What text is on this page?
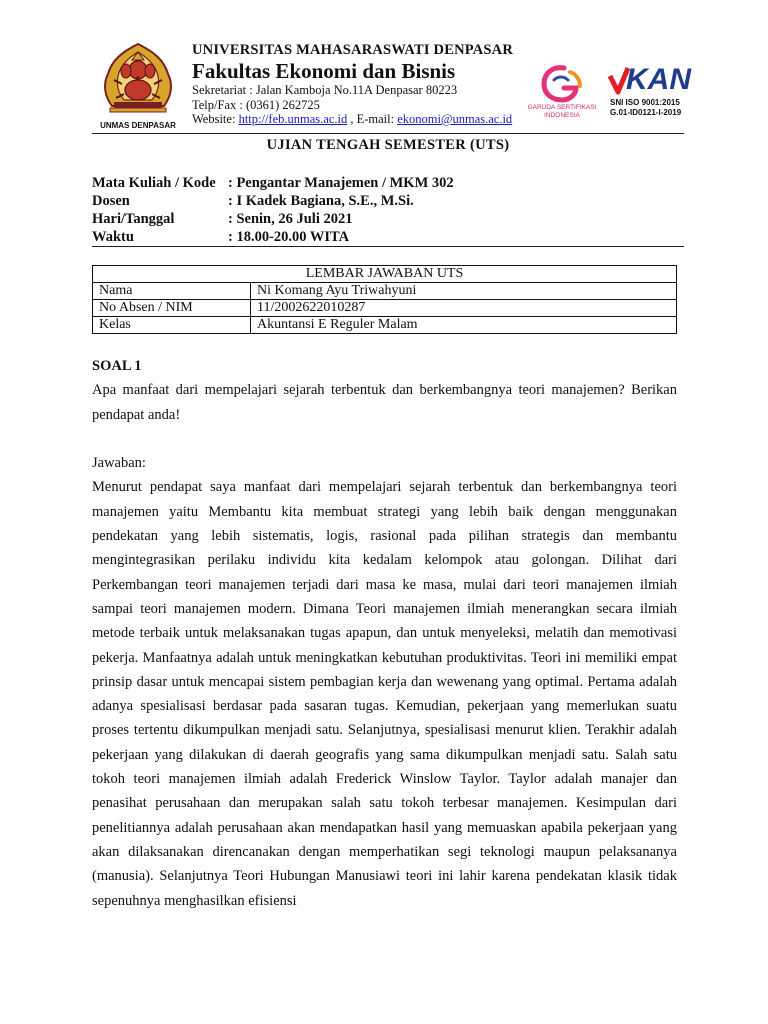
UNMAS DENPASAR
UNIVERSITAS MAHASARASWATI DENPASAR
Fakultas Ekonomi dan Bisnis
Sekretariat : Jalan Kamboja No.11A Denpasar 80223
Telp/Fax : (0361) 262725
Website: http://feb.unmas.ac.id , E-mail: ekonomi@unmas.ac.id
GARUDA SERTIFIKASI
INDONESIA
KAN
SNI ISO 9001:2015
G.01-ID0121-I-2019
UJIAN TENGAH SEMESTER (UTS)
Mata Kuliah / Kode : Pengantar Manajemen / MKM 302
Dosen	: I Kadek Bagiana, S.E., M.Si.
Hari/Tanggal	: Senin, 26 Juli 2021
Waktu	: 18.00-20.00 WITA
LEMBAR JAWABAN UTS	
Nama	Ni Komang Ayu Triwahyuni
No Absen / NIM	11/2002622010287
Kelas	Akuntansi E Reguler Malam

SOAL 1

Apa manfaat dari mempelajari sejarah terbentuk dan berkembangnya teori manajemen? Berikan pendapat anda!

Jawaban:

Menurut pendapat saya manfaat dari mempelajari sejarah terbentuk dan berkembangnya teori manajemen yaitu Membantu kita membuat strategi yang lebih baik dengan menggunakan pendekatan yang lebih sistematis, logis, rasional pada pilihan strategis dan membantu mengintegrasikan perilaku individu kita kedalam kelompok atau golongan. Dilihat dari Perkembangan teori manajemen terjadi dari masa ke masa, mulai dari teori manajemen ilmiah sampai teori manajemen modern. Dimana Teori manajemen ilmiah menerangkan secara ilmiah metode terbaik untuk melaksanakan tugas apapun, dan untuk menyeleksi, melatih dan memotivasi pekerja. Manfaatnya adalah untuk meningkatkan kebutuhan produktivitas. Teori ini memiliki empat prinsip dasar untuk mencapai sistem pembagian kerja dan wewenang yang optimal. Pertama adalah adanya spesialisasi berdasar pada sasaran tugas. Kemudian, pekerjaan yang memerlukan suatu proses tertentu dikumpulkan menjadi satu. Selanjutnya, spesialisasi menurut klien. Terakhir adalah pekerjaan yang dilakukan di daerah geografis yang sama dikumpulkan menjadi satu. Salah satu tokoh teori manajemen ilmiah adalah Frederick Winslow Taylor. Taylor adalah manajer dan penasihat perusahaan dan merupakan salah satu tokoh terbesar manajemen. Kesimpulan dari penelitiannya adalah perusahaan akan mendapatkan hasil yang memuaskan apabila pekerjaan yang akan dilaksanakan direncanakan dengan memperhatikan segi teknologi maupun pelaksananya (manusia). Selanjutnya Teori Hubungan Manusiawi teori ini lahir karena pendekatan klasik tidak sepenuhnya menghasilkan efisiensi
